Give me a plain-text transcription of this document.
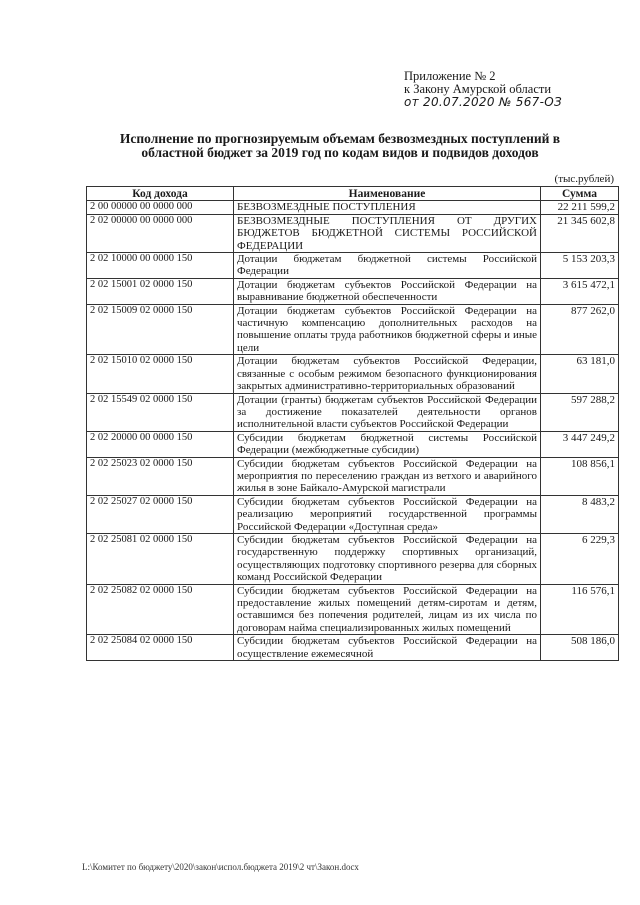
Приложение № 2
к Закону Амурской области
от 20.07.2020 № 567-ОЗ
Исполнение по прогнозируемым объемам безвозмездных поступлений в
областной бюджет за 2019 год по кодам видов и подвидов доходов
(тыс.рублей)
Код дохода	Наименование	Сумма
2 00 00000 00 0000 000	БЕЗВОЗМЕЗДНЫЕ ПОСТУПЛЕНИЯ	22 211 599,2
2 02 00000 00 0000 000	БЕЗВОЗМЕЗДНЫЕ ПОСТУПЛЕНИЯ ОТ ДРУГИХ БЮДЖЕТОВ БЮДЖЕТНОЙ СИСТЕМЫ РОССИЙСКОЙ ФЕДЕРАЦИИ	21 345 602,8
2 02 10000 00 0000 150	Дотации бюджетам бюджетной системы Российской Федерации	5 153 203,3
2 02 15001 02 0000 150	Дотации бюджетам субъектов Российской Федерации на выравнивание бюджетной обеспеченности	3 615 472,1
2 02 15009 02 0000 150	Дотации бюджетам субъектов Российской Федерации на частичную компенсацию дополнительных расходов на повышение оплаты труда работников бюджетной сферы и иные цели	877 262,0
2 02 15010 02 0000 150	Дотации бюджетам субъектов Российской Федерации, связанные с особым режимом безопасного функционирования закрытых административно-территориальных образований	63 181,0
2 02 15549 02 0000 150	Дотации (гранты) бюджетам субъектов Российской Федерации за достижение показателей деятельности органов исполнительной власти субъектов Российской Федерации	597 288,2
2 02 20000 00 0000 150	Субсидии бюджетам бюджетной системы Российской Федерации (межбюджетные субсидии)	3 447 249,2
2 02 25023 02 0000 150	Субсидии бюджетам субъектов Российской Федерации на мероприятия по переселению граждан из ветхого и аварийного жилья в зоне Байкало-Амурской магистрали	108 856,1
2 02 25027 02 0000 150	Субсидии бюджетам субъектов Российской Федерации на реализацию мероприятий государственной программы Российской Федерации «Доступная среда»	8 483,2
2 02 25081 02 0000 150	Субсидии бюджетам субъектов Российской Федерации на государственную поддержку спортивных организаций, осуществляющих подготовку спортивного резерва для сборных команд Российской Федерации	6 229,3
2 02 25082 02 0000 150	Субсидии бюджетам субъектов Российской Федерации на предоставление жилых помещений детям-сиротам и детям, оставшимся без попечения родителей, лицам из их числа по договорам найма специализированных жилых помещений	116 576,1
2 02 25084 02 0000 150	Субсидии бюджетам субъектов Российской Федерации на осуществление ежемесячной	508 186,0
L:\Комитет по бюджету\2020\закон\испол.бюджета 2019\2 чт\Закон.docx
